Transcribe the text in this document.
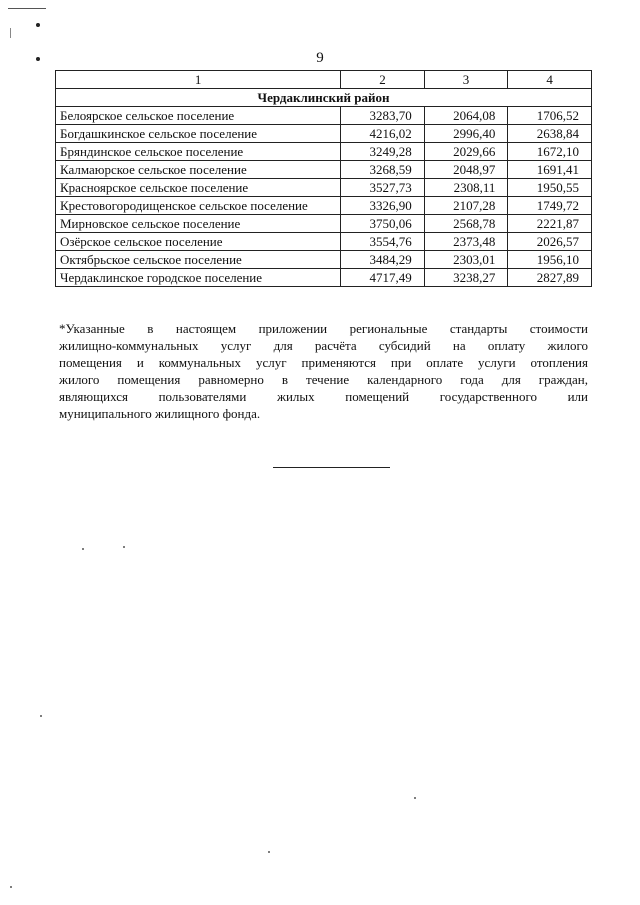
9
1	2	3	4
Чердаклинский район			
Белоярское сельское поселение	3283,70	2064,08	1706,52
Богдашкинское сельское поселение	4216,02	2996,40	2638,84
Бряндинское сельское поселение	3249,28	2029,66	1672,10
Калмаюрское сельское поселение	3268,59	2048,97	1691,41
Красноярское сельское поселение	3527,73	2308,11	1950,55
Крестовогородищенское сельское поселение	3326,90	2107,28	1749,72
Мирновское сельское поселение	3750,06	2568,78	2221,87
Озёрское сельское поселение	3554,76	2373,48	2026,57
Октябрьское сельское поселение	3484,29	2303,01	1956,10
Чердаклинское городское поселение	4717,49	3238,27	2827,89
*Указанные в настоящем приложении региональные стандарты стоимости
жилищно-коммунальных услуг для расчёта субсидий на оплату жилого
помещения и коммунальных услуг применяются при оплате услуги отопления
жилого помещения равномерно в течение календарного года для граждан,
являющихся пользователями жилых помещений государственного или
муниципального жилищного фонда.
